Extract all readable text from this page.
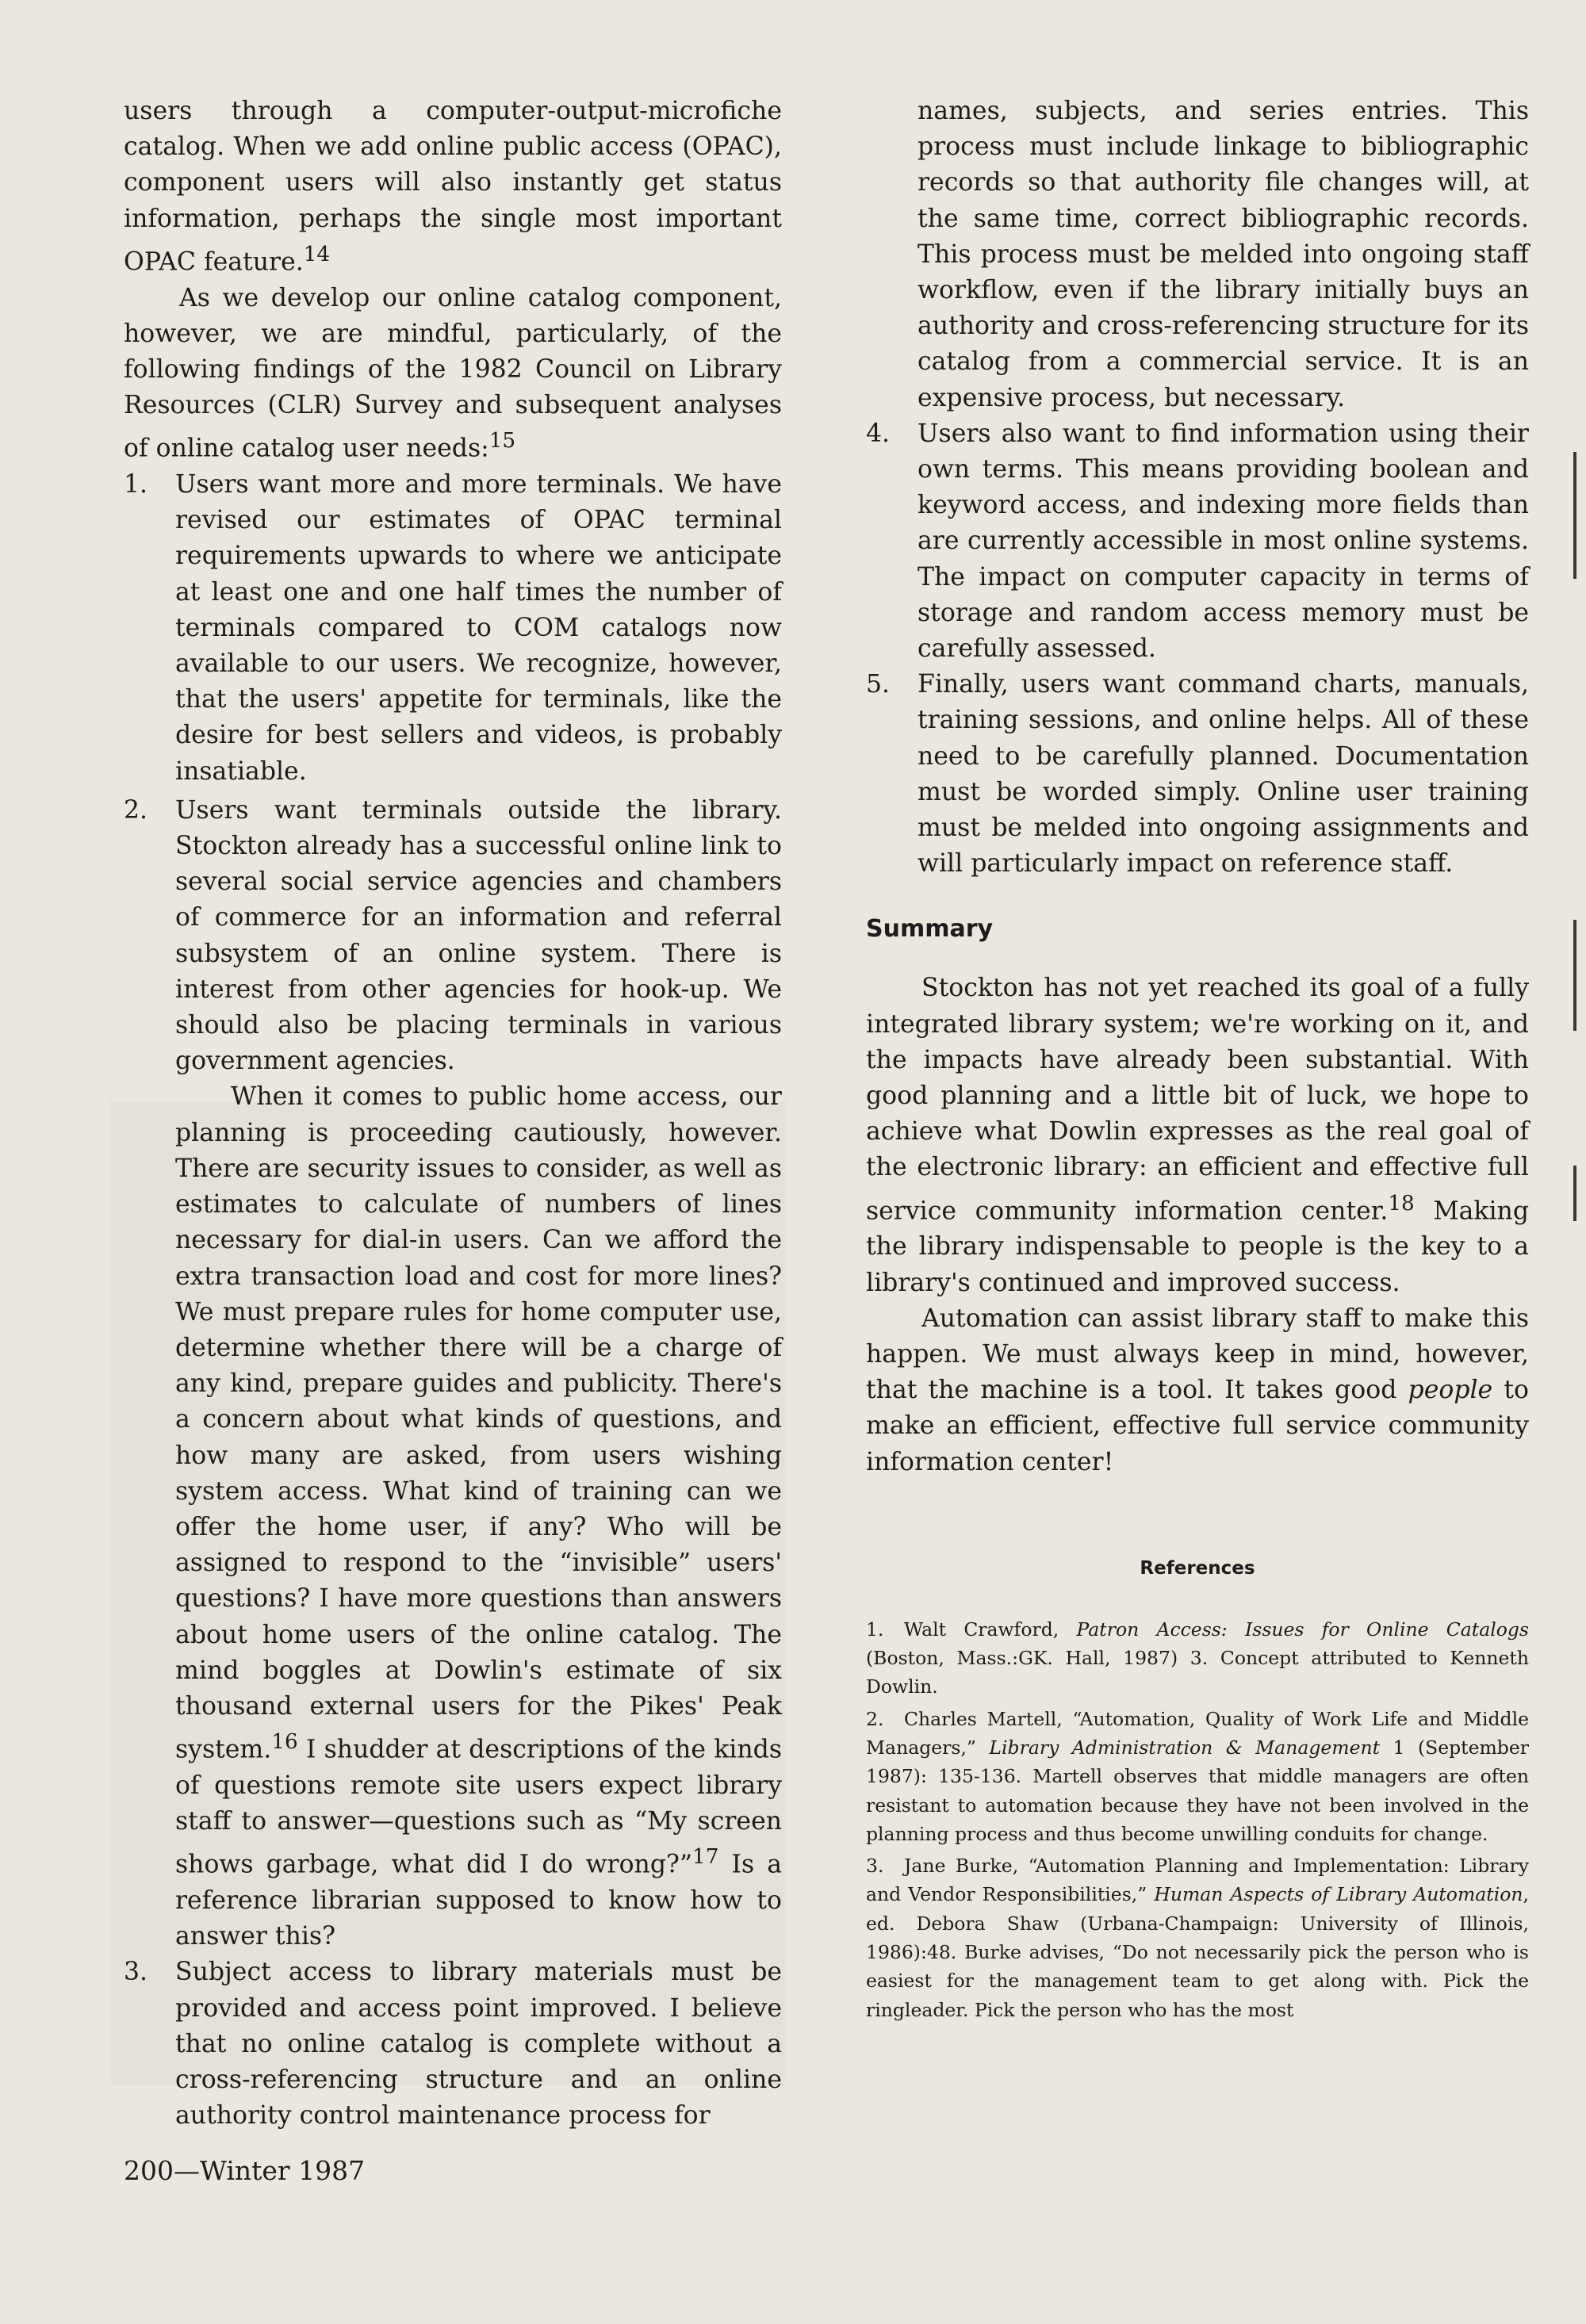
users through a computer-output-microfiche catalog. When we add online public access (OPAC), component users will also instantly get status information, perhaps the single most important OPAC feature.$^{14}$

As we develop our online catalog component, however, we are mindful, particularly, of the following findings of the 1982 Council on Library Resources (CLR) Survey and subsequent analyses of online catalog user needs:$^{15}$

1. Users want more and more terminals. We have revised our estimates of OPAC terminal requirements upwards to where we anticipate at least one and one half times the number of terminals compared to COM catalogs now available to our users. We recognize, however, that the users' appetite for terminals, like the desire for best sellers and videos, is probably insatiable.

2. Users want terminals outside the library. Stockton already has a successful online link to several social service agencies and chambers of commerce for an information and referral subsystem of an online system. There is interest from other agencies for hook-up. We should also be placing terminals in various government agencies.

When it comes to public home access, our planning is proceeding cautiously, however. There are security issues to consider, as well as estimates to calculate of numbers of lines necessary for dial-in users. Can we afford the extra transaction load and cost for more lines? We must prepare rules for home computer use, determine whether there will be a charge of any kind, prepare guides and publicity. There's a concern about what kinds of questions, and how many are asked, from users wishing system access. What kind of training can we offer the home user, if any? Who will be assigned to respond to the “invisible” users' questions? I have more questions than answers about home users of the online catalog. The mind boggles at Dowlin's estimate of six thousand external users for the Pikes' Peak system.$^{16}$ I shudder at descriptions of the kinds of questions remote site users expect library staff to answer—questions such as “My screen shows garbage, what did I do wrong?”$^{17}$ Is a reference librarian supposed to know how to answer this?

3. Subject access to library materials must be provided and access point improved. I believe that no online catalog is complete without a cross-referencing structure and an online authority control maintenance process for

names, subjects, and series entries. This process must include linkage to bibliographic records so that authority file changes will, at the same time, correct bibliographic records. This process must be melded into ongoing staff workflow, even if the library initially buys an authority and cross-referencing structure for its catalog from a commercial service. It is an expensive process, but necessary.

4. Users also want to find information using their own terms. This means providing boolean and keyword access, and indexing more fields than are currently accessible in most online systems. The impact on computer capacity in terms of storage and random access memory must be carefully assessed.

5. Finally, users want command charts, manuals, training sessions, and online helps. All of these need to be carefully planned. Documentation must be worded simply. Online user training must be melded into ongoing assignments and will particularly impact on reference staff.

Summary

Stockton has not yet reached its goal of a fully integrated library system; we're working on it, and the impacts have already been substantial. With good planning and a little bit of luck, we hope to achieve what Dowlin expresses as the real goal of the electronic library: an efficient and effective full service community information center.$^{18}$ Making the library indispensable to people is the key to a library's continued and improved success.

Automation can assist library staff to make this happen. We must always keep in mind, however, that the machine is a tool. It takes good people to make an efficient, effective full service community information center!

References

1. Walt Crawford, Patron Access: Issues for Online Catalogs (Boston, Mass.:GK. Hall, 1987) 3. Concept attributed to Kenneth Dowlin.

2. Charles Martell, “Automation, Quality of Work Life and Middle Managers,” Library Administration & Management 1 (September 1987): 135-136. Martell observes that middle managers are often resistant to automation because they have not been involved in the planning process and thus become unwilling conduits for change.

3. Jane Burke, “Automation Planning and Implementation: Library and Vendor Responsibilities,” Human Aspects of Library Automation, ed. Debora Shaw (Urbana-Champaign: University of Illinois, 1986):48. Burke advises, “Do not necessarily pick the person who is easiest for the management team to get along with. Pick the ringleader. Pick the person who has the most

200—Winter 1987
